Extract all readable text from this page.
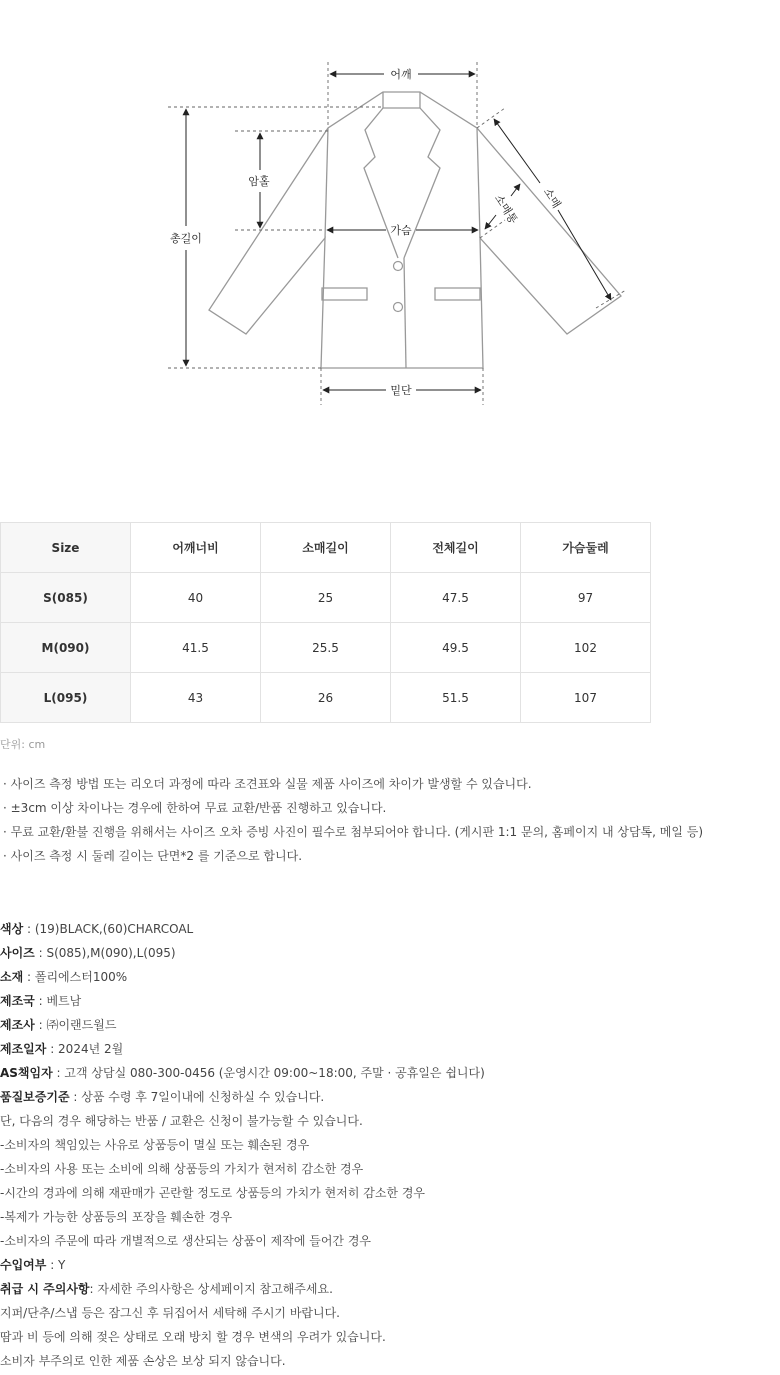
어깨
총길이
암홀
가슴
밑단
소매
소매통
Size	어깨너비	소매길이	전체길이	가슴둘레
S(085)	40	25	47.5	97
M(090)	41.5	25.5	49.5	102
L(095)	43	26	51.5	107
단위: cm
· 사이즈 측정 방법 또는 리오더 과정에 따라 조견표와 실물 제품 사이즈에 차이가 발생할 수 있습니다.
· ±3cm 이상 차이나는 경우에 한하여 무료 교환/반품 진행하고 있습니다.
· 무료 교환/환불 진행을 위해서는 사이즈 오차 증빙 사진이 필수로 첨부되어야 합니다. (게시판 1:1 문의, 홈페이지 내 상담톡, 메일 등)
· 사이즈 측정 시 둘레 길이는 단면*2 를 기준으로 합니다.
색상 : (19)BLACK,(60)CHARCOAL
사이즈 : S(085),M(090),L(095)
소재 : 폴리에스터100%
제조국 : 베트남
제조사 : ㈜이랜드월드
제조일자 : 2024년 2월
AS책임자 : 고객 상담실 080-300-0456 (운영시간 09:00~18:00, 주말 · 공휴일은 쉽니다)
품질보증기준 : 상품 수령 후 7일이내에 신청하실 수 있습니다.
단, 다음의 경우 해당하는 반품 / 교환은 신청이 불가능할 수 있습니다.
-소비자의 책임있는 사유로 상품등이 멸실 또는 훼손된 경우
-소비자의 사용 또는 소비에 의해 상품등의 가치가 현저히 감소한 경우
-시간의 경과에 의해 재판매가 곤란할 정도로 상품등의 가치가 현저히 감소한 경우
-복제가 가능한 상품등의 포장을 훼손한 경우
-소비자의 주문에 따라 개별적으로 생산되는 상품이 제작에 들어간 경우
수입여부 : Y
취급 시 주의사항: 자세한 주의사항은 상세페이지 참고해주세요.
지퍼/단추/스냅 등은 잠그신 후 뒤집어서 세탁해 주시기 바랍니다.
땀과 비 등에 의해 젖은 상태로 오래 방치 할 경우 변색의 우려가 있습니다.
소비자 부주의로 인한 제품 손상은 보상 되지 않습니다.
